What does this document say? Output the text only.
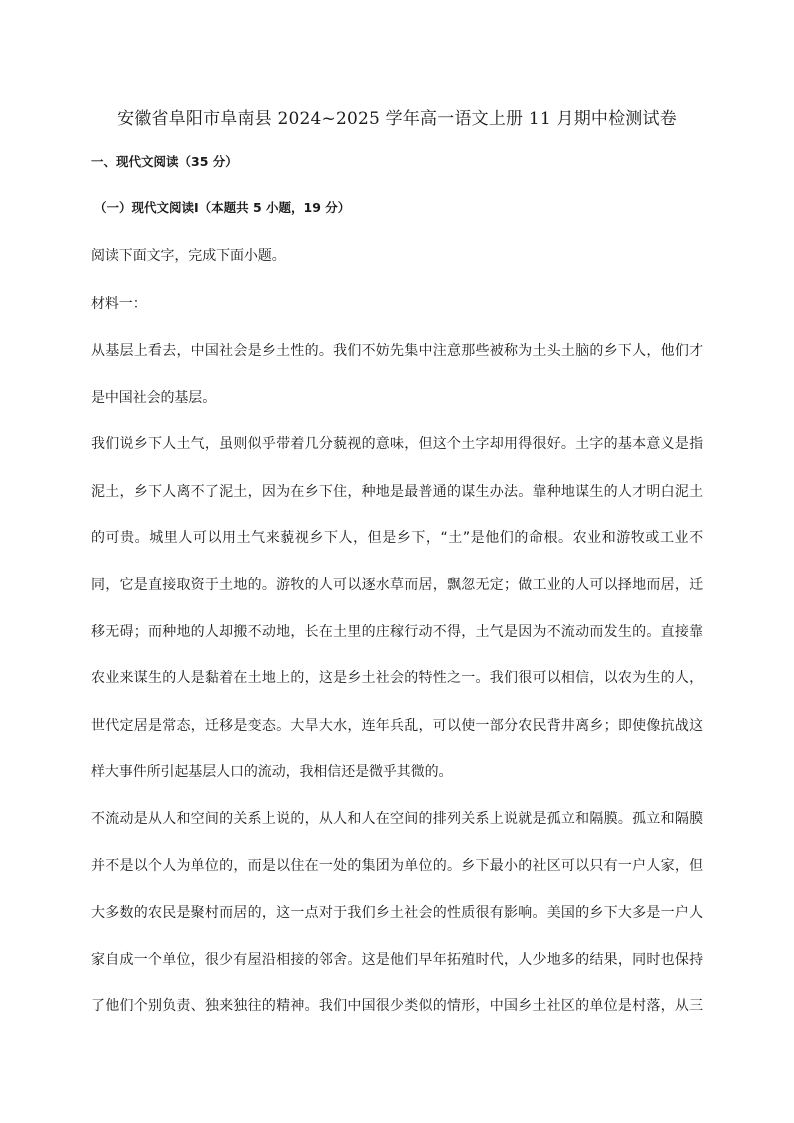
安徽省阜阳市阜南县 2024~2025 学年高一语文上册 11 月期中检测试卷
一、现代文阅读（35 分）
（一）现代文阅读Ⅰ（本题共 5 小题，19 分）
阅读下面文字，完成下面小题。
材料一：
从基层上看去，中国社会是乡土性的。我们不妨先集中注意那些被称为土头土脑的乡下人，他们才
是中国社会的基层。
我们说乡下人土气，虽则似乎带着几分藐视的意味，但这个土字却用得很好。土字的基本意义是指
泥土，乡下人离不了泥土，因为在乡下住，种地是最普通的谋生办法。靠种地谋生的人才明白泥土
的可贵。城里人可以用土气来藐视乡下人，但是乡下，“土”是他们的命根。农业和游牧或工业不
同，它是直接取资于土地的。游牧的人可以逐水草而居，飘忽无定；做工业的人可以择地而居，迁
移无碍；而种地的人却搬不动地，长在土里的庄稼行动不得，土气是因为不流动而发生的。直接靠
农业来谋生的人是黏着在土地上的，这是乡土社会的特性之一。我们很可以相信，以农为生的人，
世代定居是常态，迁移是变态。大旱大水，连年兵乱，可以使一部分农民背井离乡；即使像抗战这
样大事件所引起基层人口的流动，我相信还是微乎其微的。
不流动是从人和空间的关系上说的，从人和人在空间的排列关系上说就是孤立和隔膜。孤立和隔膜
并不是以个人为单位的，而是以住在一处的集团为单位的。乡下最小的社区可以只有一户人家，但
大多数的农民是聚村而居的，这一点对于我们乡土社会的性质很有影响。美国的乡下大多是一户人
家自成一个单位，很少有屋沿相接的邻舍。这是他们早年拓殖时代，人少地多的结果，同时也保持
了他们个别负责、独来独往的精神。我们中国很少类似的情形，中国乡土社区的单位是村落，从三
